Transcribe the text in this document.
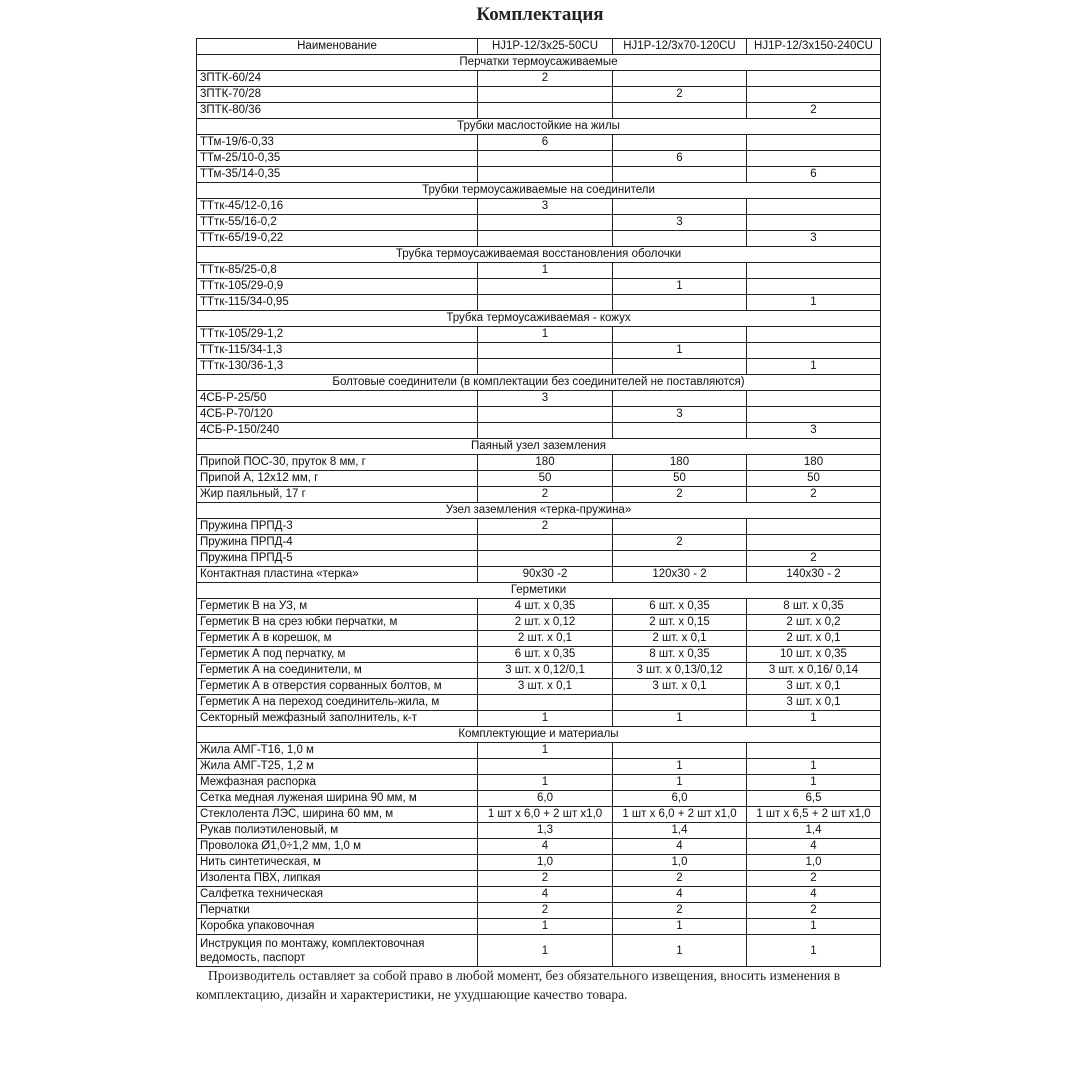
Комплектация
Наименование	HJ1P-12/3x25-50CU	HJ1P-12/3x70-120CU	HJ1P-12/3x150-240CU
Перчатки термоусаживаемые			
3ПТК-60/24	2		
3ПТК-70/28		2	
3ПТК-80/36			2
Трубки маслостойкие на жилы			
ТТм-19/6-0,33	6		
ТТм-25/10-0,35		6	
ТТм-35/14-0,35			6
Трубки термоусаживаемые на соединители			
ТТтк-45/12-0,16	3		
ТТтк-55/16-0,2		3	
ТТтк-65/19-0,22			3
Трубка термоусаживаемая восстановления оболочки			
ТТтк-85/25-0,8	1		
ТТтк-105/29-0,9		1	
ТТтк-115/34-0,95			1
Трубка термоусаживаемая - кожух			
ТТтк-105/29-1,2	1		
ТТтк-115/34-1,3		1	
ТТтк-130/36-1,3			1
Болтовые соединители (в комплектации без соединителей не поставляются)			
4СБ-Р-25/50	3		
4СБ-Р-70/120		3	
4СБ-Р-150/240			3
Паяный узел заземления			
Припой ПОС-30, пруток 8 мм, г	180	180	180
Припой А, 12x12 мм, г	50	50	50
Жир паяльный, 17 г	2	2	2
Узел заземления «терка-пружина»			
Пружина ПРПД-3	2		
Пружина ПРПД-4		2	
Пружина ПРПД-5			2
Контактная пластина «терка»	90x30 -2	120x30 - 2	140x30 - 2
Герметики			
Герметик В на УЗ, м	4 шт. x 0,35	6 шт. x 0,35	8 шт. x 0,35
Герметик В на срез юбки перчатки, м	2 шт. x 0,12	2 шт. x 0,15	2 шт. x 0,2
Герметик А в корешок, м	2 шт. x 0,1	2 шт. x 0,1	2 шт. x 0,1
Герметик А под перчатку, м	6 шт. x 0,35	8 шт. x 0,35	10 шт. x 0,35
Герметик А на соединители, м	3 шт. x 0,12/0,1	3 шт. x 0,13/0,12	3 шт. x 0,16/ 0,14
Герметик А в отверстия сорванных болтов, м	3 шт. x 0,1	3 шт. x 0,1	3 шт. x 0,1
Герметик А на переход соединитель-жила, м			3 шт. x 0,1
Секторный межфазный заполнитель, к-т	1	1	1
Комплектующие и материалы			
Жила АМГ-Т16, 1,0 м	1		
Жила АМГ-Т25, 1,2 м		1	1
Межфазная распорка	1	1	1
Сетка медная луженая ширина 90 мм, м	6,0	6,0	6,5
Стеклолента ЛЭС, ширина 60 мм, м	1 шт x 6,0 + 2 шт x1,0	1 шт x 6,0 + 2 шт x1,0	1 шт x 6,5 + 2 шт x1,0
Рукав полиэтиленовый, м	1,3	1,4	1,4
Проволока Ø1,0÷1,2 мм, 1,0 м	4	4	4
Нить синтетическая, м	1,0	1,0	1,0
Изолента ПВХ, липкая	2	2	2
Салфетка техническая	4	4	4
Перчатки	2	2	2
Коробка упаковочная	1	1	1
Инструкция по монтажу, комплектовочная ведомость, паспорт	1	1	1
Производитель оставляет за собой право в любой момент, без обязательного извещения, вносить изменения в комплектацию, дизайн и характеристики, не ухудшающие качество товара.
